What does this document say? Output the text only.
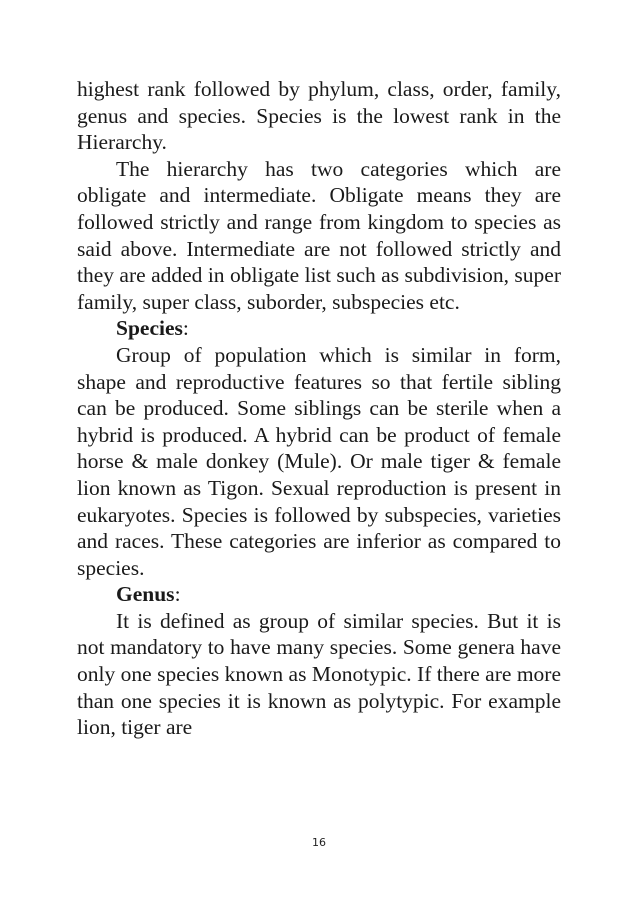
highest rank followed by phylum, class, order, family, genus and species. Species is the lowest rank in the Hierarchy.

The hierarchy has two categories which are obligate and intermediate. Obligate means they are followed strictly and range from kingdom to species as said above. Intermediate are not followed strictly and they are added in obligate list such as subdivision, super family, super class, suborder, subspecies etc.

Species:

Group of population which is similar in form, shape and reproductive features so that fertile sibling can be produced. Some siblings can be sterile when a hybrid is produced. A hybrid can be product of female horse & male donkey (Mule). Or male tiger & female lion known as Tigon. Sexual reproduction is present in eukaryotes. Species is followed by subspecies, varieties and races. These categories are inferior as compared to species.

Genus:

It is defined as group of similar species. But it is not mandatory to have many species. Some genera have only one species known as Monotypic. If there are more than one species it is known as polytypic. For example lion, tiger are

16
